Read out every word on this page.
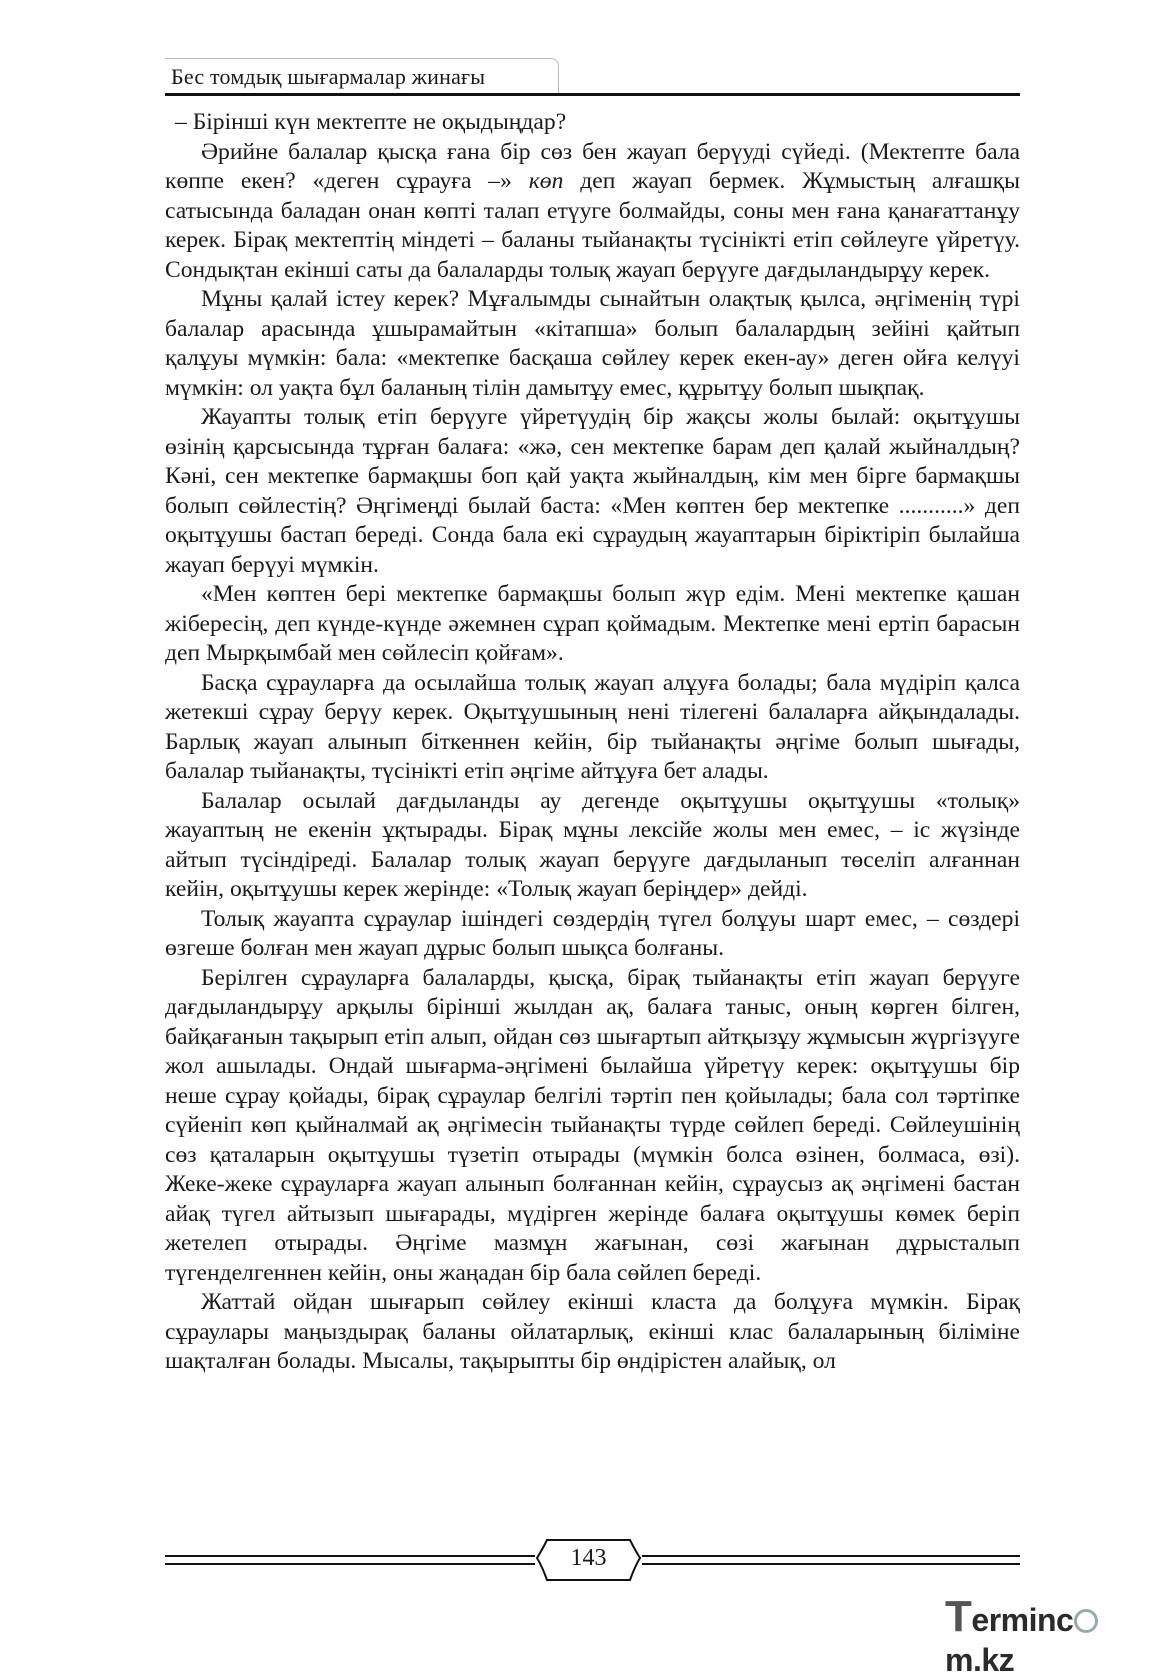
Бес томдық шығармалар жинағы

– Бірінші күн мектепте не оқыдыңдар?

Әрийне балалар қысқа ғана бір сөз бен жауап берүуді сүйеді. (Мектепте бала көппе екен? «деген сұрауға –» көп деп жауап бермек. Жұмыстың алғашқы сатысында баладан онан көпті талап етүуге болмайды, соны мен ғана қанағаттанұу керек. Бірақ мектептің міндеті – баланы тыйанақты түсінікті етіп сөйлеуге үйретүу. Сондықтан екінші саты да балаларды толық жауап берүуге дағдыландырұу керек.

Мұны қалай істеу керек? Мұғалымды сынайтын олақтық қылса, әңгіменің түрі балалар арасында ұшырамайтын «кітапша» болып балалардың зейіні қайтып қалұуы мүмкін: бала: «мектепке басқаша сөйлеу керек екен-ау» деген ойға келүуі мүмкін: ол уақта бұл баланың тілін дамытұу емес, құрытұу болып шықпақ.

Жауапты толық етіп берүуге үйретүудің бір жақсы жолы былай: оқытұушы өзінің қарсысында тұрған балаға: «жә, сен мектепке барам деп қалай жыйналдың? Кәні, сен мектепке бармақшы боп қай уақта жыйналдың, кім мен бірге бармақшы болып сөйлестің? Әңгімеңді былай баста: «Мен көптен бер мектепке ...........» деп оқытұушы бастап береді. Сонда бала екі сұраудың жауаптарын біріктіріп былайша жауап берүуі мүмкін.

«Мен көптен бері мектепке бармақшы болып жүр едім. Мені мектепке қашан жібересің, деп күнде-күнде әжемнен сұрап қоймадым. Мектепке мені ертіп барасын деп Мырқымбай мен сөйлесіп қойғам».

Басқа сұрауларға да осылайша толық жауап алұуға болады; бала мүдіріп қалса жетекші сұрау берүу керек. Оқытұушының нені тілегені балаларға айқындалады. Барлық жауап алынып біткеннен кейін, бір тыйанақты әңгіме болып шығады, балалар тыйанақты, түсінікті етіп әңгіме айтұуға бет алады.

Балалар осылай дағдыланды ау дегенде оқытұушы оқытұушы «толық» жауаптың не екенін ұқтырады. Бірақ мұны лексійе жолы мен емес, – іс жүзінде айтып түсіндіреді. Балалар толық жауап берүуге дағдыланып төселіп алғаннан кейін, оқытұушы керек жерінде: «Толық жауап беріңдер» дейді.

Толық жауапта сұраулар ішіндегі сөздердің түгел болұуы шарт емес, – сөздері өзгеше болған мен жауап дұрыс болып шықса болғаны.

Берілген сұрауларға балаларды, қысқа, бірақ тыйанақты етіп жауап берүуге дағдыландырұу арқылы бірінші жылдан ақ, балаға таныс, оның көрген білген, байқағанын тақырып етіп алып, ойдан сөз шығартып айтқызұу жұмысын жүргізүуге жол ашылады. Ондай шығарма-әңгімені былайша үйретүу керек: оқытұушы бір неше сұрау қойады, бірақ сұраулар белгілі тәртіп пен қойылады; бала сол тәртіпке сүйеніп көп қыйналмай ақ әңгімесін тыйанақты түрде сөйлеп береді. Сөйлеушінің сөз қаталарын оқытұушы түзетіп отырады (мүмкін болса өзінен, болмаса, өзі). Жеке-жеке сұрауларға жауап алынып болғаннан кейін, сұраусыз ақ әңгімені бастан айақ түгел айтызып шығарады, мүдірген жерінде балаға оқытұушы көмек беріп жетелеп отырады. Әңгіме мазмұн жағынан, сөзі жағынан дұрысталып түгенделгеннен кейін, оны жаңадан бір бала сөйлеп береді.

Жаттай ойдан шығарып сөйлеу екінші класта да болұуға мүмкін. Бірақ сұраулары маңыздырақ баланы ойлатарлық, екінші клас балаларының біліміне шақталған болады. Мысалы, тақырыпты бір өндірістен алайық, ол

143
Termincm.kz
